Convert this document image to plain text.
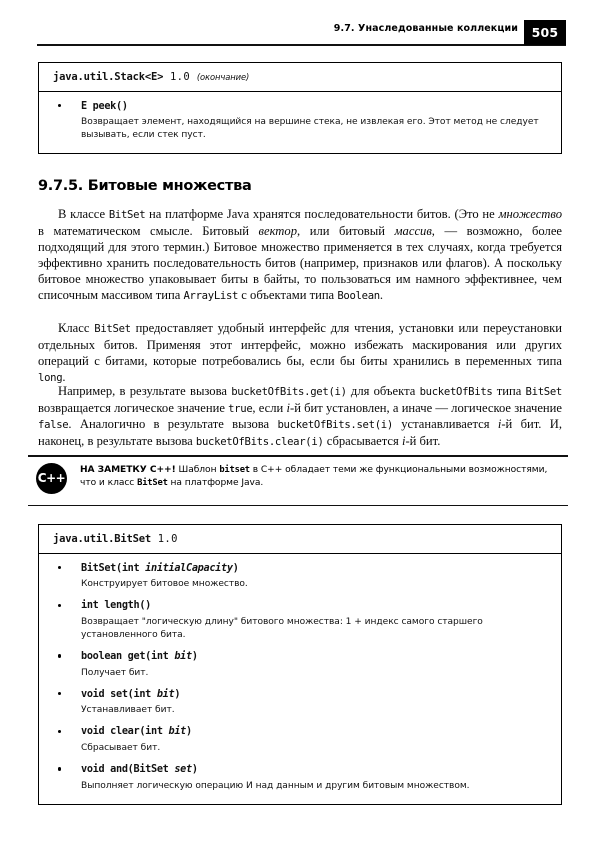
9.7. Унаследованные коллекции	505
java.util.Stack<E> 1.0 (окончание)
E peek()
Возвращает элемент, находящийся на вершине стека, не извлекая его. Этот метод не следует вызывать, если стек пуст.
9.7.5. Битовые множества

В классе BitSet на платформе Java хранятся последовательности битов. (Это не множество в математическом смысле. Битовый вектор, или битовый массив, — возможно, более подходящий для этого термин.) Битовое множество применяется в тех случаях, когда требуется эффективно хранить последовательность битов (например, признаков или флагов). А поскольку битовое множество упаковывает биты в байты, то пользоваться им намного эффективнее, чем списочным массивом типа ArrayList с объектами типа Boolean.

Класс BitSet предоставляет удобный интерфейс для чтения, установки или переустановки отдельных битов. Применяя этот интерфейс, можно избежать маскирования или других операций с битами, которые потребовались бы, если бы биты хранились в переменных типа long.

Например, в результате вызова bucketOfBits.get(i) для объекта bucketOfBits типа BitSet возвращается логическое значение true, если i-й бит установлен, а иначе — логическое значение false. Аналогично в результате вызова bucketOfBits.set(i) устанавливается i-й бит. И, наконец, в результате вызова bucketOfBits.clear(i) сбрасывается i-й бит.

C++
НА ЗАМЕТКУ C++! Шаблон bitset в С++ обладает теми же функциональными возможностями, что и класс BitSet на платформе Java.
java.util.BitSet 1.0
BitSet(int initialCapacity)
Конструирует битовое множество.
int length()
Возвращает "логическую длину" битового множества: 1 + индекс самого старшего установленного бита.
boolean get(int bit)
Получает бит.
void set(int bit)
Устанавливает бит.
void clear(int bit)
Сбрасывает бит.
void and(BitSet set)
Выполняет логическую операцию И над данным и другим битовым множеством.
